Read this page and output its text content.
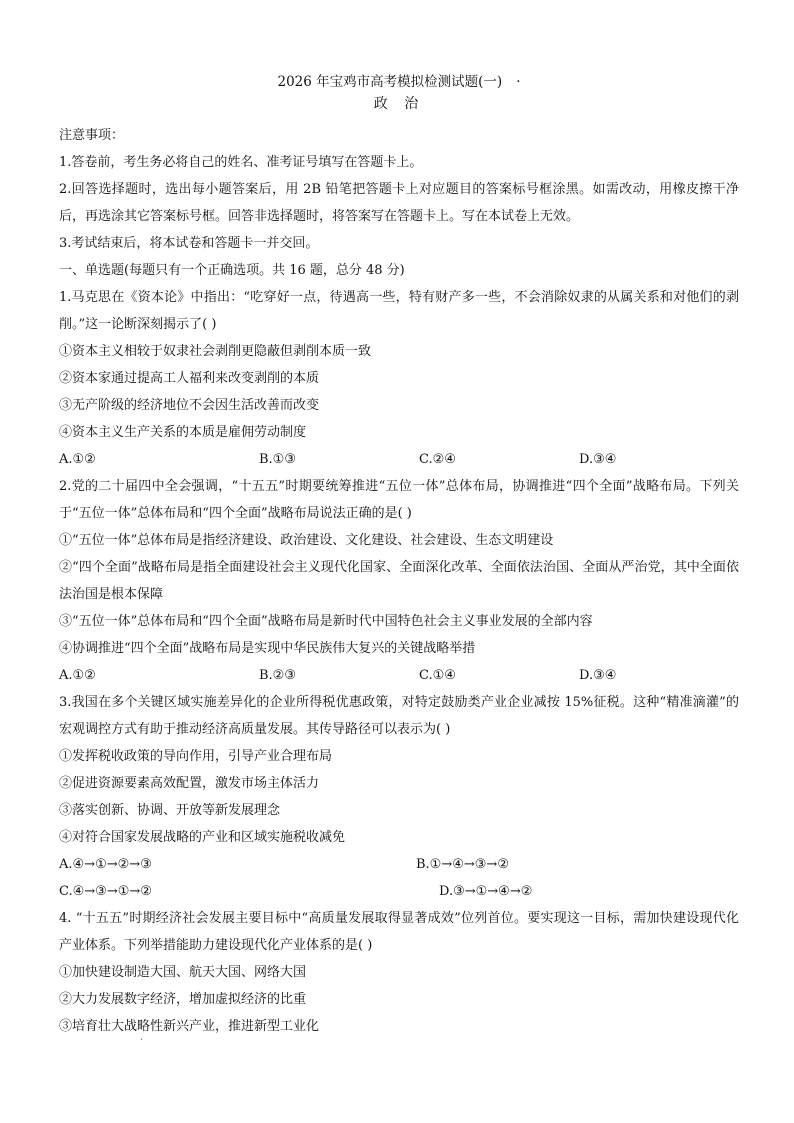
2026 年宝鸡市高考模拟检测试题(一) ·
政 治
注意事项：
1.答卷前，考生务必将自己的姓名、准考证号填写在答题卡上。
2.回答选择题时，选出每小题答案后，用 2B 铅笔把答题卡上对应题目的答案标号框涂黑。如需改动，用橡皮擦干净后，再选涂其它答案标号框。回答非选择题时，将答案写在答题卡上。写在本试卷上无效。
3.考试结束后，将本试卷和答题卡一并交回。
一、单选题(每题只有一个正确选项。共 16 题，总分 48 分)
1.马克思在《资本论》中指出：“吃穿好一点，待遇高一些，特有财产多一些，不会消除奴隶的从属关系和对他们的剥削。”这一论断深刻揭示了( )
①资本主义相较于奴隶社会剥削更隐蔽但剥削本质一致
②资本家通过提高工人福利来改变剥削的本质
③无产阶级的经济地位不会因生活改善而改变
④资本主义生产关系的本质是雇佣劳动制度
A.①②	B.①③	C.②④	D.③④
2.党的二十届四中全会强调，“十五五”时期要统筹推进“五位一体”总体布局，协调推进“四个全面”战略布局。下列关于“五位一体”总体布局和“四个全面”战略布局说法正确的是( )
①“五位一体”总体布局是指经济建设、政治建设、文化建设、社会建设、生态文明建设
②“四个全面”战略布局是指全面建设社会主义现代化国家、全面深化改革、全面依法治国、全面从严治党，其中全面依法治国是根本保障
③“五位一体”总体布局和“四个全面”战略布局是新时代中国特色社会主义事业发展的全部内容
④协调推进“四个全面”战略布局是实现中华民族伟大复兴的关键战略举措
A.①②	B.②③	C.①④	D.③④
3.我国在多个关键区域实施差异化的企业所得税优惠政策，对特定鼓励类产业企业减按 15%征税。这种“精准滴灌”的宏观调控方式有助于推动经济高质量发展。其传导路径可以表示为( )
①发挥税收政策的导向作用，引导产业合理布局
②促进资源要素高效配置，激发市场主体活力
③落实创新、协调、开放等新发展理念
④对符合国家发展战略的产业和区域实施税收减免
A.④→①→②→③	B.①→④→③→②
C.④→③→①→②	D.③→①→④→②
4. “十五五”时期经济社会发展主要目标中“高质量发展取得显著成效”位列首位。要实现这一目标，需加快建设现代化产业体系。下列举措能助力建设现代化产业体系的是( )
①加快建设制造大国、航天大国、网络大国
②大力发展数字经济，增加虚拟经济的比重
③培育壮大战略性新兴产业，推进新型工业化
·
